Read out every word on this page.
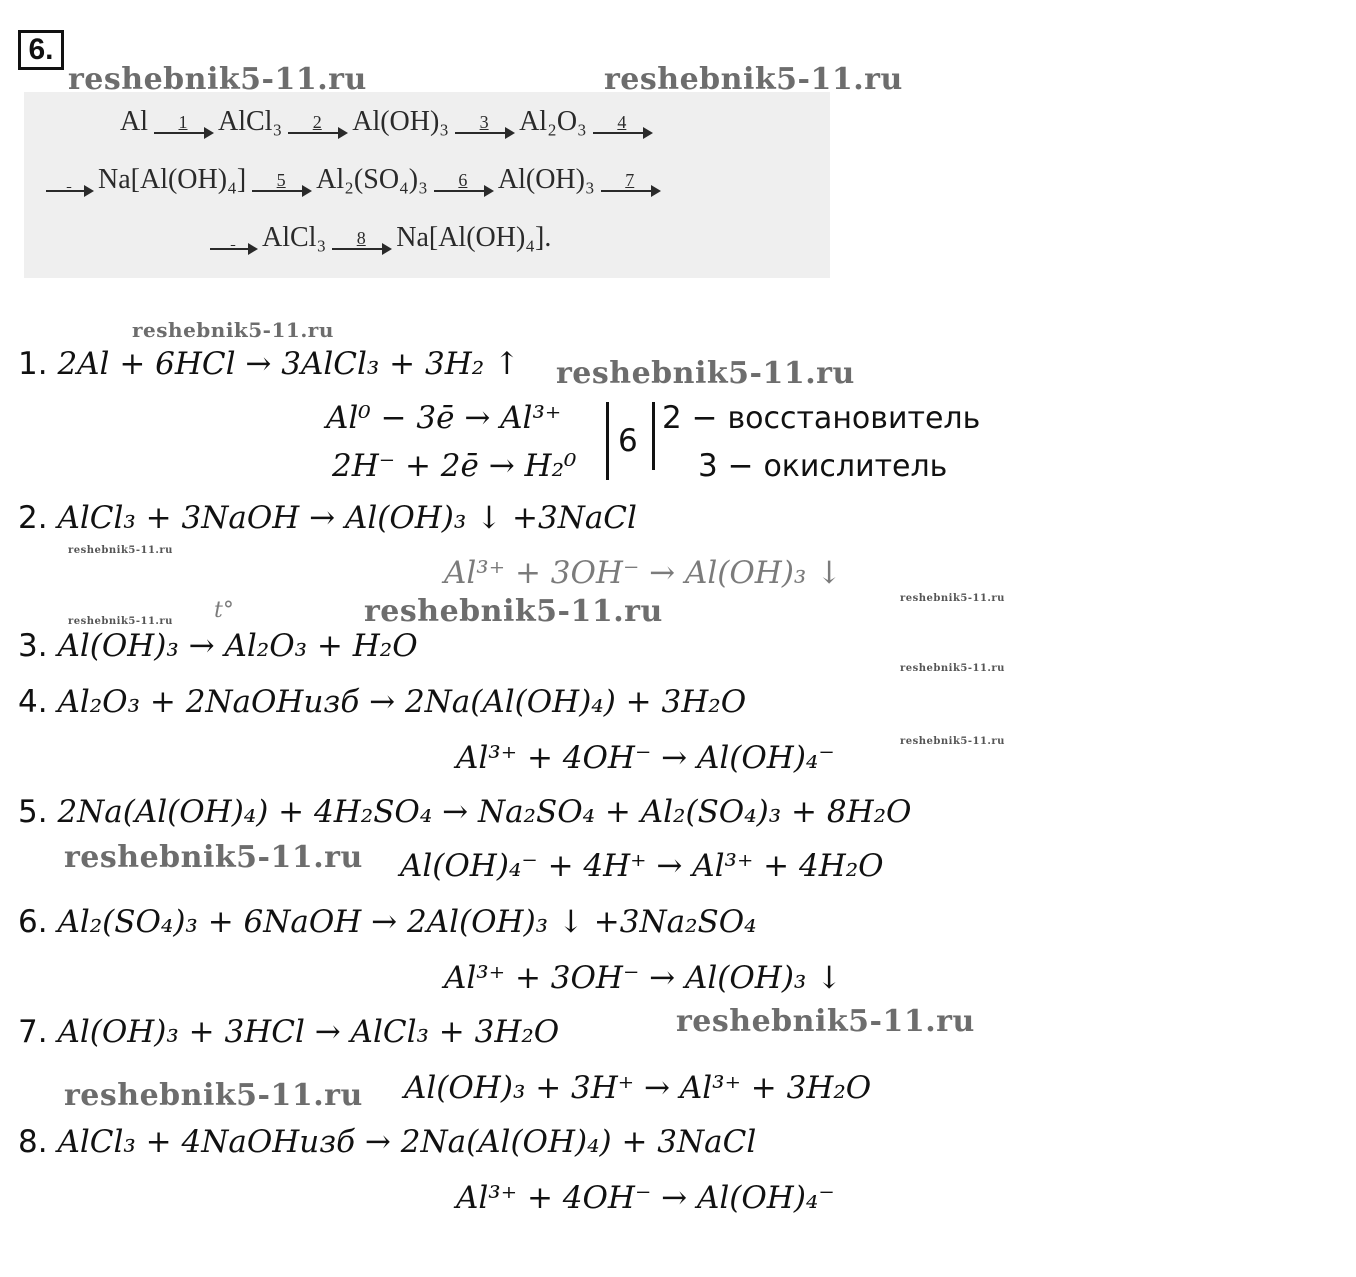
6.
Al	1	AlCl₃	2	Al(OH)₃	3	Al₂O₃	4

Na[Al(OH)₄]	5	Al₂(SO₄)₃	6	Al(OH)₃	7

AlCl₃	8	Na[Al(OH)₄].
reshebnik5-11.ru	reshebnik5-11.ru
reshebnik5-11.ru
reshebnik5-11.ru
reshebnik5-11.ru
reshebnik5-11.ru
reshebnik5-11.ru
reshebnik5-11.ru
reshebnik5-11.ru
reshebnik5-11.ru
reshebnik5-11.ru
reshebnik5-11.ru
reshebnik5-11.ru
1. 2Al + 6HCl → 3AlCl₃ + 3H₂ ↑
Al⁰ − 3ē → Al³⁺
2H⁻ + 2ē → H₂⁰
6
2 − восстановитель
3 − окислитель
2. AlCl₃ + 3NaOH → Al(OH)₃ ↓ +3NaCl
Al³⁺ + 3OH⁻ → Al(OH)₃ ↓
t°
3. Al(OH)₃ → Al₂O₃ + H₂O
4. Al₂O₃ + 2NaOHизб → 2Na(Al(OH)₄) + 3H₂O
Al³⁺ + 4OH⁻ → Al(OH)₄⁻
5. 2Na(Al(OH)₄) + 4H₂SO₄ → Na₂SO₄ + Al₂(SO₄)₃ + 8H₂O
Al(OH)₄⁻ + 4H⁺ → Al³⁺ + 4H₂O
6. Al₂(SO₄)₃ + 6NaOH → 2Al(OH)₃ ↓ +3Na₂SO₄
Al³⁺ + 3OH⁻ → Al(OH)₃ ↓
7. Al(OH)₃ + 3HCl → AlCl₃ + 3H₂O
Al(OH)₃ + 3H⁺ → Al³⁺ + 3H₂O
8. AlCl₃ + 4NaOHизб → 2Na(Al(OH)₄) + 3NaCl
Al³⁺ + 4OH⁻ → Al(OH)₄⁻
